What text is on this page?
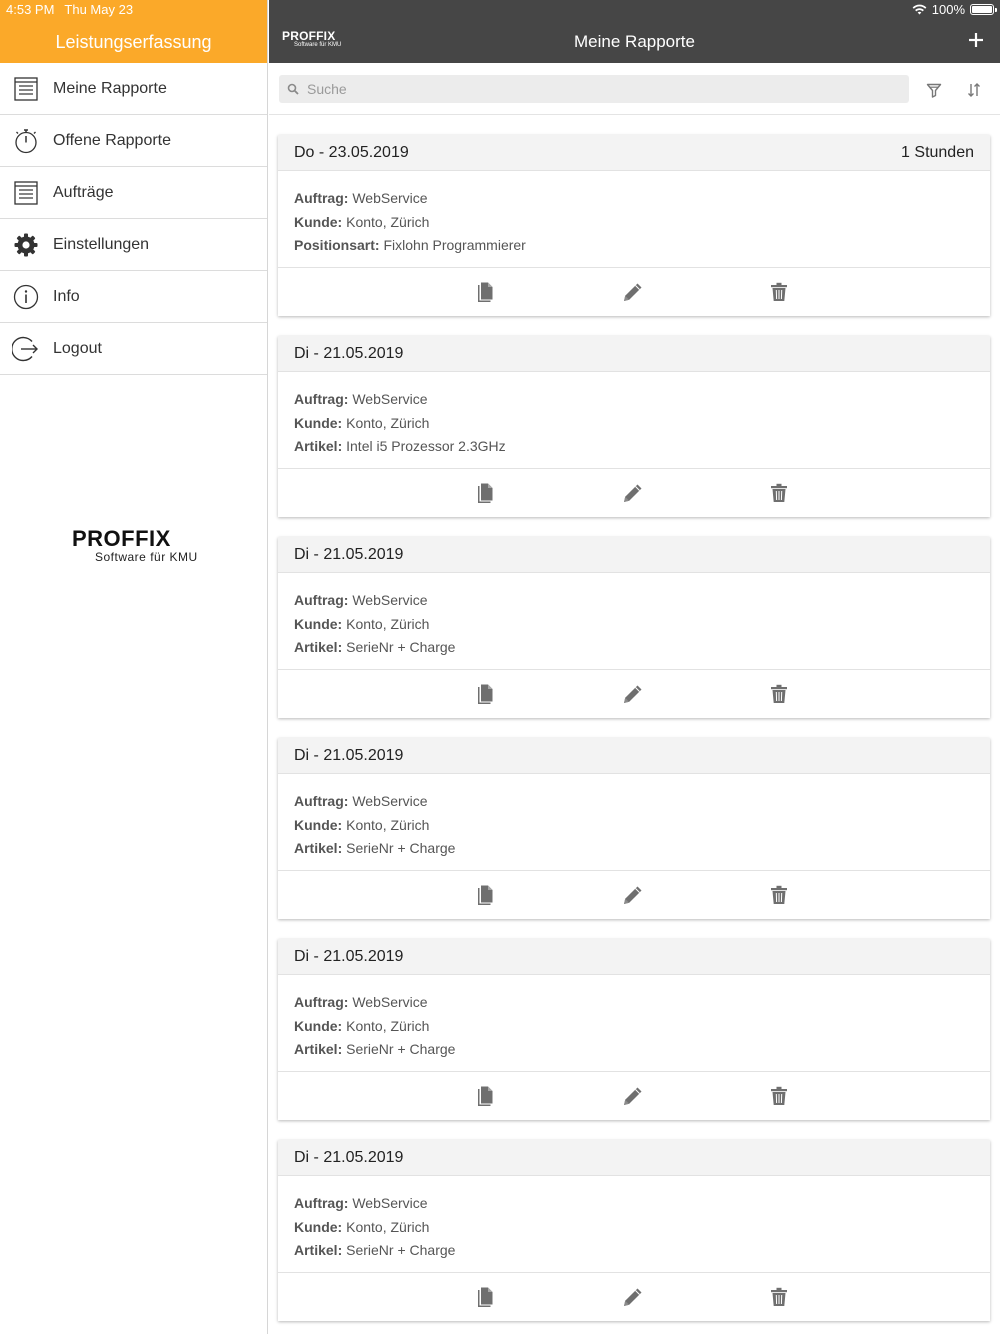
4:53 PM Thu May 23	100%
Leistungserfassung
Meine Rapporte
Offene Rapporte
Aufträge
Einstellungen
Info
Logout
PROFFIX
Software für KMU
PROFFIX
Software für KMU	Meine Rapporte
Suche
Do - 23.05.2019	1 Stunden
Auftrag: WebService
Kunde: Konto, Zürich
Positionsart: Fixlohn Programmierer
Di - 21.05.2019
Auftrag: WebService
Kunde: Konto, Zürich
Artikel: Intel i5 Prozessor 2.3GHz
Di - 21.05.2019
Auftrag: WebService
Kunde: Konto, Zürich
Artikel: SerieNr + Charge
Di - 21.05.2019
Auftrag: WebService
Kunde: Konto, Zürich
Artikel: SerieNr + Charge
Di - 21.05.2019
Auftrag: WebService
Kunde: Konto, Zürich
Artikel: SerieNr + Charge
Di - 21.05.2019
Auftrag: WebService
Kunde: Konto, Zürich
Artikel: SerieNr + Charge
